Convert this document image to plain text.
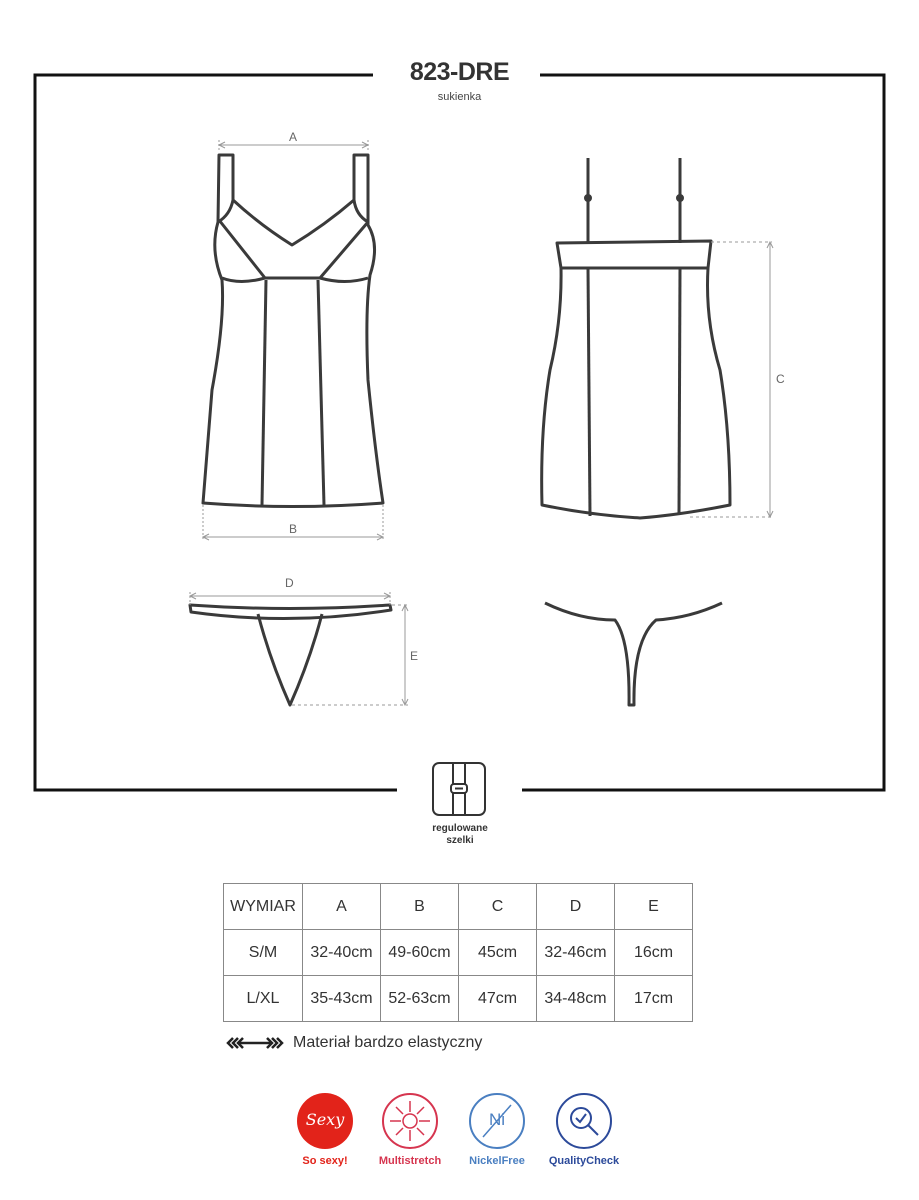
823-DRE
sukienka
A
B
C
D
E
regulowane
szelki
WYMIAR	A	B	C	D	E
S/M	32-40cm	49-60cm	45cm	32-46cm	16cm
L/XL	35-43cm	52-63cm	47cm	34-48cm	17cm
Materiał bardzo elastyczny
Sexy
So sexy!	Multistretch
Ni
NickelFree	QualityCheck
